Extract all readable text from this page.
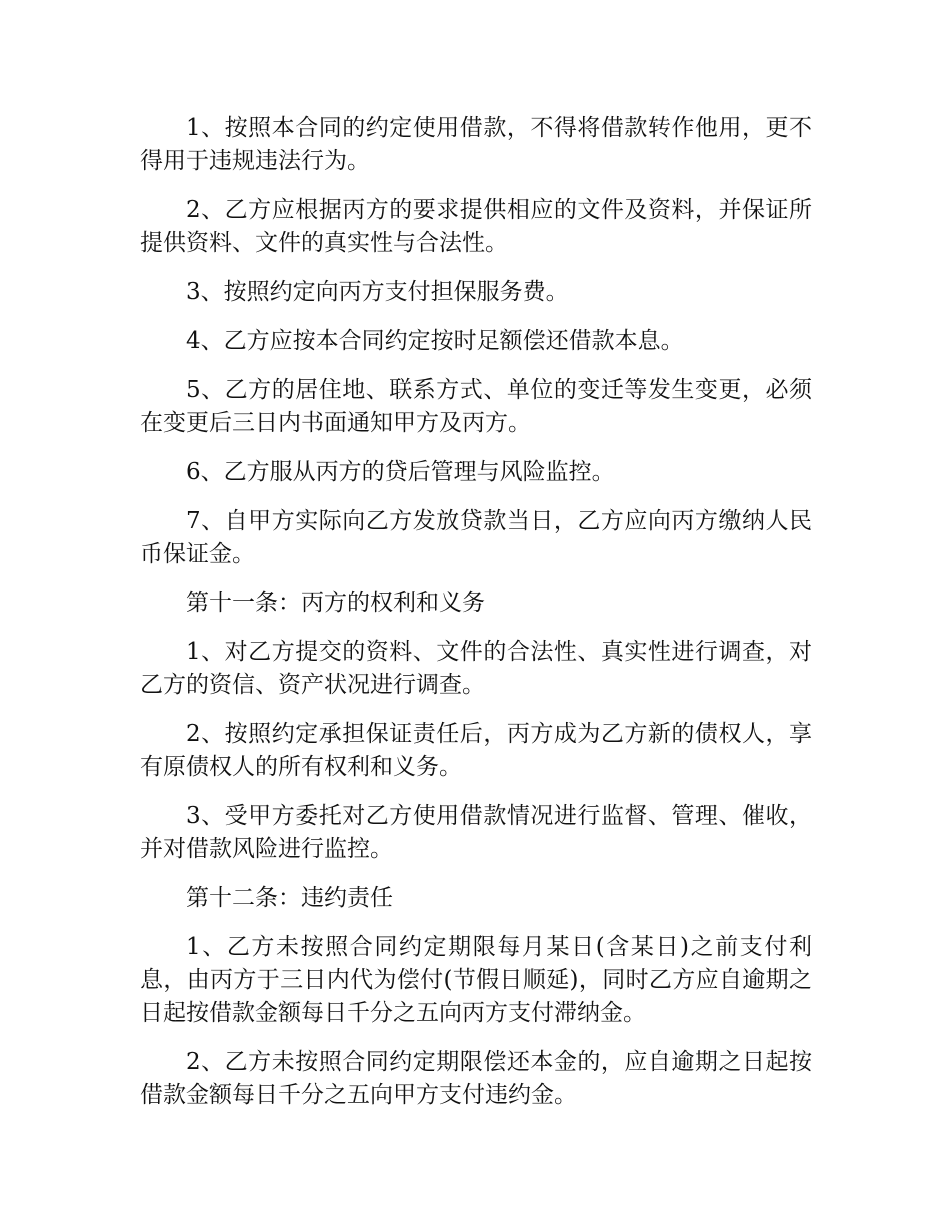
1、按照本合同的约定使用借款，不得将借款转作他用，更不得用于违规违法行为。

2、乙方应根据丙方的要求提供相应的文件及资料，并保证所提供资料、文件的真实性与合法性。

3、按照约定向丙方支付担保服务费。

4、乙方应按本合同约定按时足额偿还借款本息。

5、乙方的居住地、联系方式、单位的变迁等发生变更，必须在变更后三日内书面通知甲方及丙方。

6、乙方服从丙方的贷后管理与风险监控。

7、自甲方实际向乙方发放贷款当日，乙方应向丙方缴纳人民币保证金。

第十一条：丙方的权利和义务

1、对乙方提交的资料、文件的合法性、真实性进行调查，对乙方的资信、资产状况进行调查。

2、按照约定承担保证责任后，丙方成为乙方新的债权人，享有原债权人的所有权利和义务。

3、受甲方委托对乙方使用借款情况进行监督、管理、催收，并对借款风险进行监控。

第十二条：违约责任

1、乙方未按照合同约定期限每月某日(含某日)之前支付利息，由丙方于三日内代为偿付(节假日顺延)，同时乙方应自逾期之日起按借款金额每日千分之五向丙方支付滞纳金。

2、乙方未按照合同约定期限偿还本金的，应自逾期之日起按借款金额每日千分之五向甲方支付违约金。
